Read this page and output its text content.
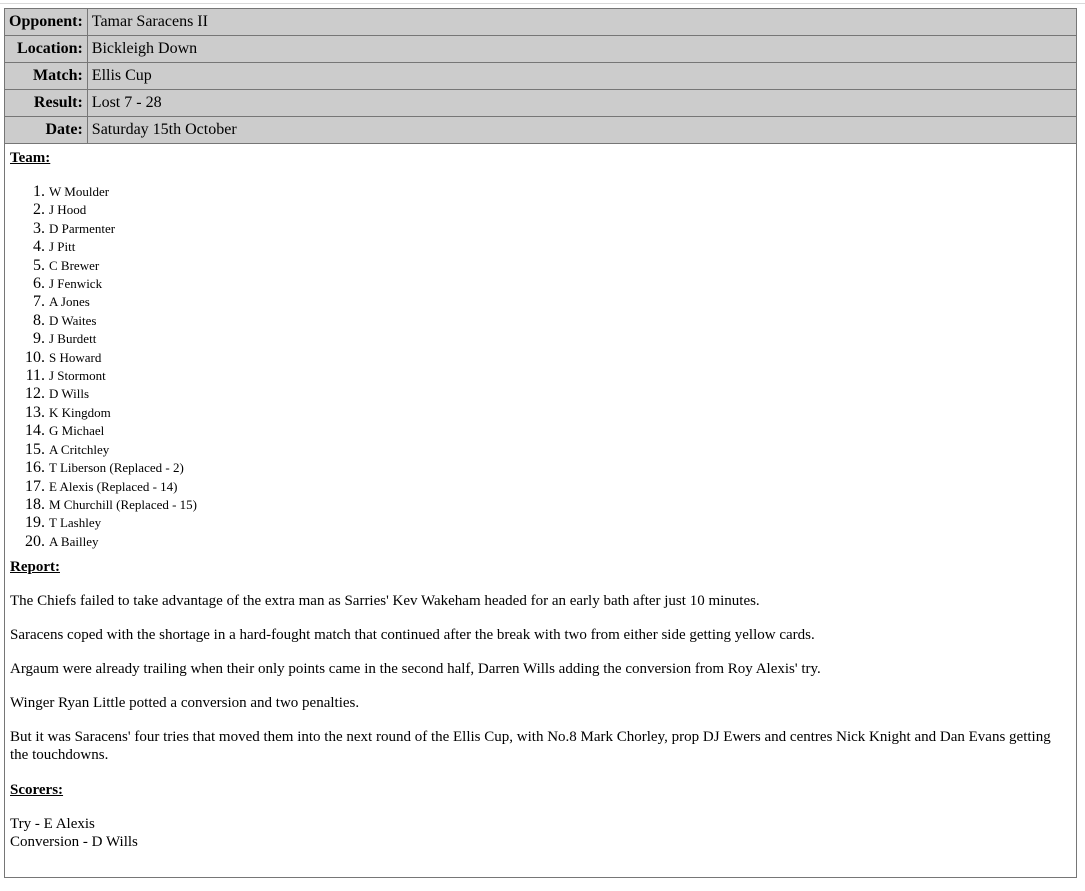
Opponent:	Tamar Saracens II
Location:	Bickleigh Down
Match:	Ellis Cup
Result:	Lost 7 - 28
Date:	Saturday 15th October
Team:
1. W Moulder
2. J Hood
3. D Parmenter
4. J Pitt
5. C Brewer
6. J Fenwick
7. A Jones
8. D Waites
9. J Burdett
10. S Howard
11. J Stormont
12. D Wills
13. K Kingdom
14. G Michael
15. A Critchley
16. T Liberson (Replaced - 2)
17. E Alexis (Replaced - 14)
18. M Churchill (Replaced - 15)
19. T Lashley
20. A Bailley
Report:

The Chiefs failed to take advantage of the extra man as Sarries' Kev Wakeham headed for an early bath after just 10 minutes.

Saracens coped with the shortage in a hard-fought match that continued after the break with two from either side getting yellow cards.

Argaum were already trailing when their only points came in the second half, Darren Wills adding the conversion from Roy Alexis' try.

Winger Ryan Little potted a conversion and two penalties.

But it was Saracens' four tries that moved them into the next round of the Ellis Cup, with No.8 Mark Chorley, prop DJ Ewers and centres Nick Knight and Dan Evans getting the touchdowns.

Scorers:
Try - E Alexis
Conversion - D Wills
